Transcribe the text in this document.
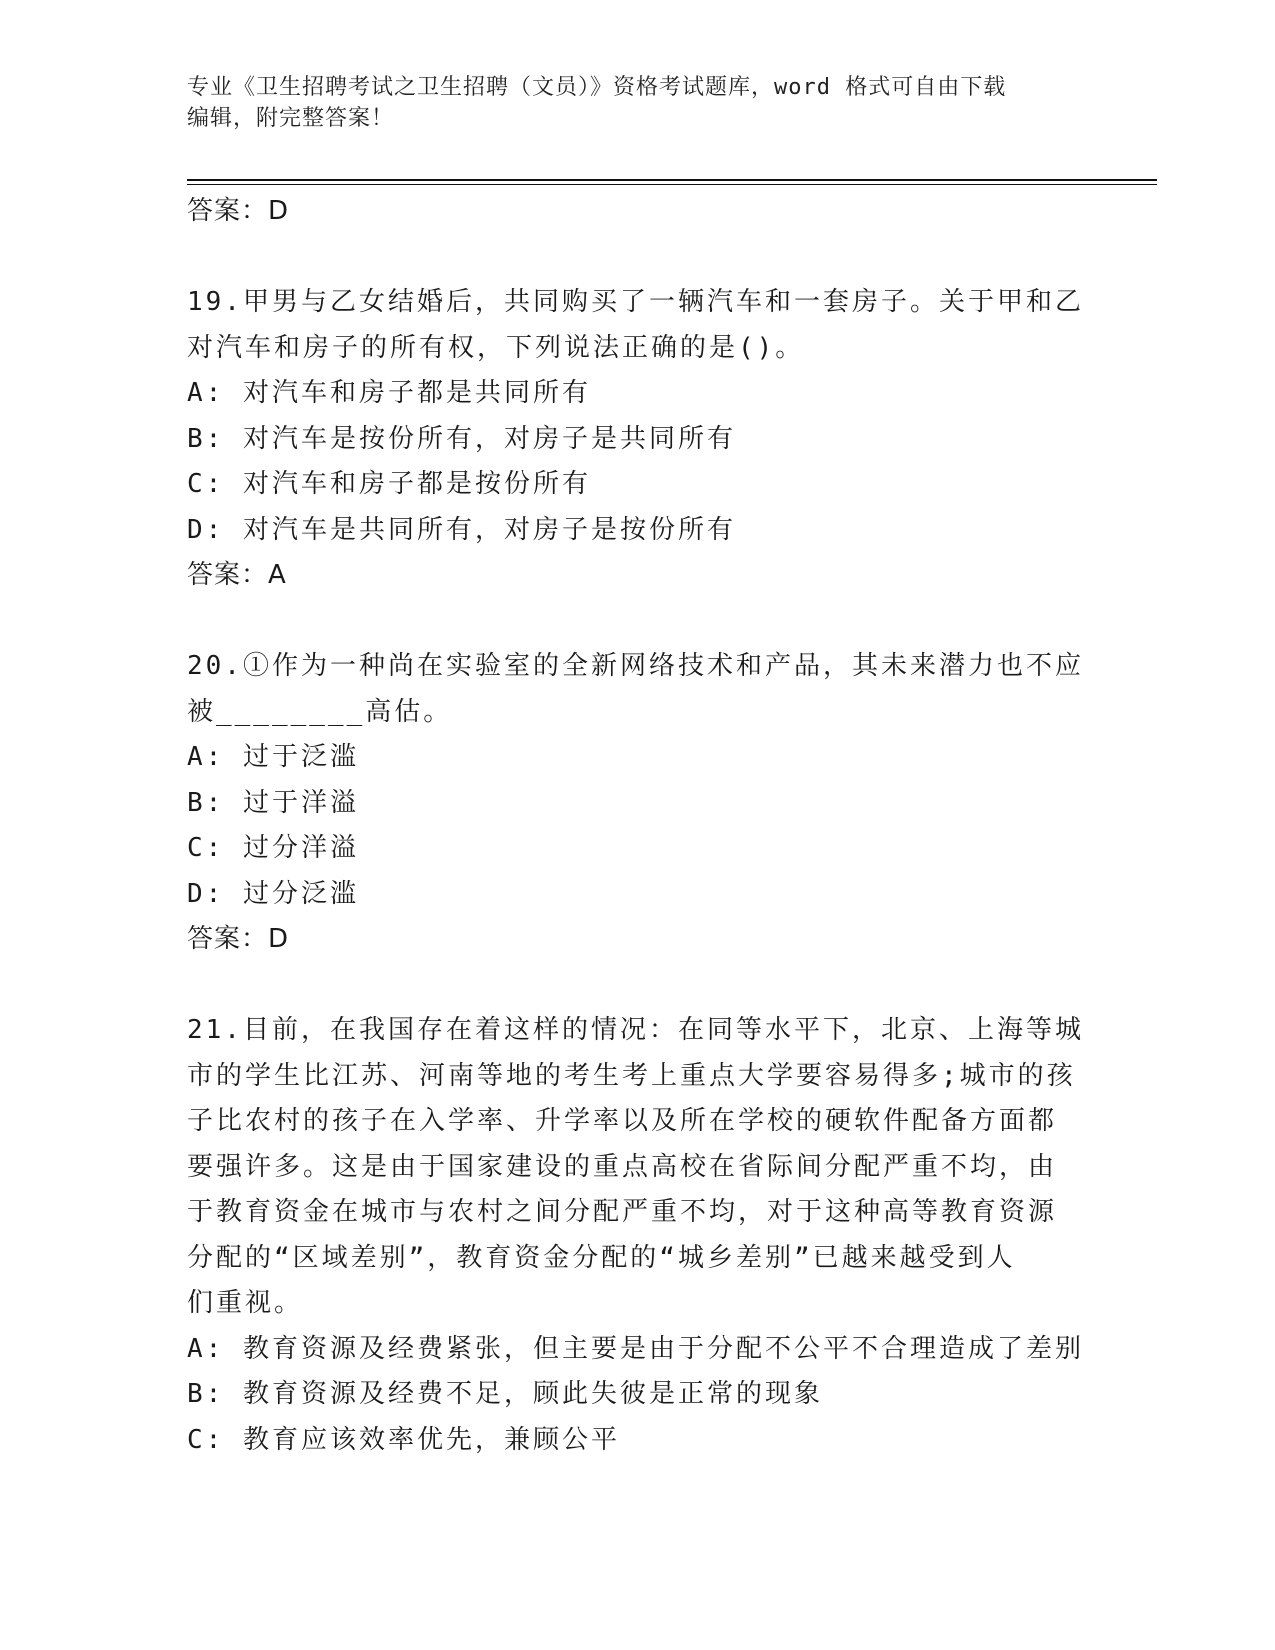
专业《卫生招聘考试之卫生招聘（文员）》资格考试题库，word 格式可自由下载
编辑，附完整答案！
答案：D
19.甲男与乙女结婚后，共同购买了一辆汽车和一套房子。关于甲和乙
对汽车和房子的所有权，下列说法正确的是()。
A: 对汽车和房子都是共同所有
B: 对汽车是按份所有，对房子是共同所有
C: 对汽车和房子都是按份所有
D: 对汽车是共同所有，对房子是按份所有
答案：A
20.①作为一种尚在实验室的全新网络技术和产品，其未来潜力也不应
被________高估。
A: 过于泛滥
B: 过于洋溢
C: 过分洋溢
D: 过分泛滥
答案：D
21.目前，在我国存在着这样的情况：在同等水平下，北京、上海等城
市的学生比江苏、河南等地的考生考上重点大学要容易得多;城市的孩
子比农村的孩子在入学率、升学率以及所在学校的硬软件配备方面都
要强许多。这是由于国家建设的重点高校在省际间分配严重不均，由
于教育资金在城市与农村之间分配严重不均，对于这种高等教育资源
分配的“区域差别”，教育资金分配的“城乡差别”已越来越受到人
们重视。
A: 教育资源及经费紧张，但主要是由于分配不公平不合理造成了差别
B: 教育资源及经费不足，顾此失彼是正常的现象
C: 教育应该效率优先，兼顾公平
